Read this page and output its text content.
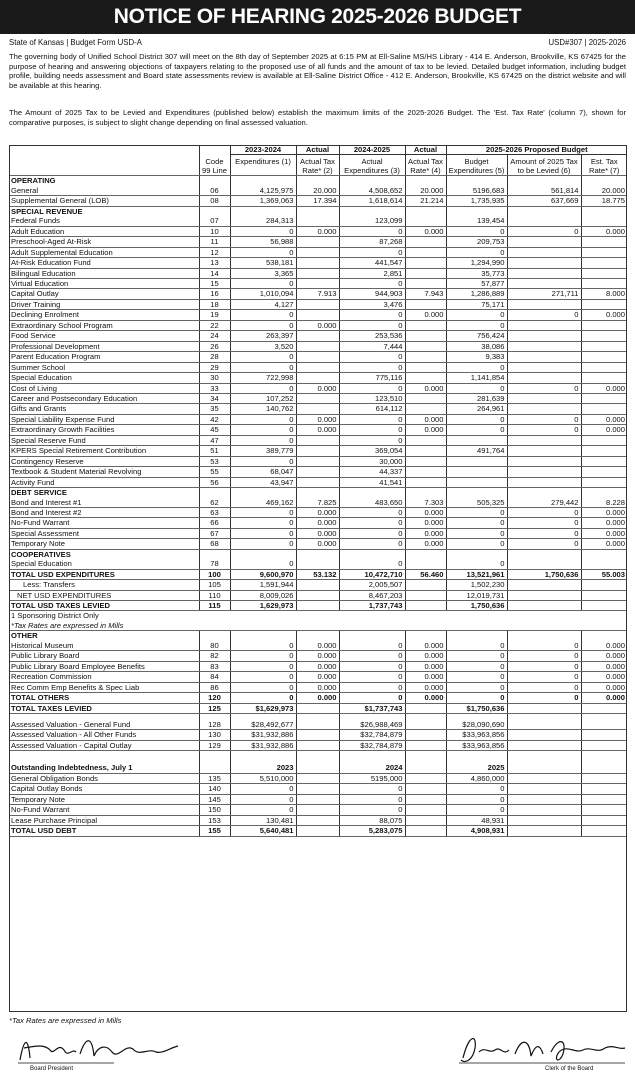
NOTICE OF HEARING 2025-2026 BUDGET
State of Kansas | Budget Form USD-A	USD#307 | 2025-2026
The governing body of Unified School District 307 will meet on the 8th day of September 2025 at 6:15 PM at Ell-Saline MS/HS Library - 414 E. Anderson, Brookville, KS 67425 for the purpose of hearing and answering objections of taxpayers relating to the proposed use of all funds and the amount of tax to be levied. Detailed budget information, including budget profile, building needs assessment and Board state assessments review is available at Ell-Saline District Office - 412 E. Anderson, Brookville, KS 67425 on the district website and will be available at this hearing.
The Amount of 2025 Tax to be Levied and Expenditures (published below) establish the maximum limits of the 2025-2026 Budget. The 'Est. Tax Rate' (column 7), shown for comparative purposes, is subject to slight change depending on final assessed valuation.
		2023-2024	Actual	2024-2025	Actual	2025-2026 Proposed Budget		
	Code 99 Line	Expenditures (1)	Actual Tax Rate* (2)	Actual Expenditures (3)	Actual Tax Rate* (4)	Budget Expenditures (5)	Amount of 2025 Tax to be Levied (6)	Est. Tax Rate* (7)
OPERATING								
General	06	4,125,975	20.000	4,508,652	20.000	5196,683	561,814	20.000
Supplemental General (LOB)	08	1,369,063	17.394	1,618,614	21.214	1,735,935	637,669	18.775
SPECIAL REVENUE								
Federal Funds	07	284,313		123,099		139,454		
Adult Education	10	0	0.000	0	0.000	0	0	0.000
Preschool-Aged At-Risk	11	56,988		87,268		209,753		
Adult Supplemental Education	12	0		0		0		
At-Risk Education Fund	13	538,181		441,547		1,294,990		
Bilingual Education	14	3,365		2,851		35,773		
Virtual Education	15	0		0		57,877		
Capital Outlay	16	1,010,094	7.913	944,903	7.943	1,286,889	271,711	8.000
Driver Training	18	4,127		3,476		75,171		
Declining Enrolment	19	0		0	0.000	0	0	0.000
Extraordinary School Program	22	0	0.000	0		0		
Food Service	24	263,397		253,536		756,424		
Professional Development	26	3,520		7,444		38,086		
Parent Education Program	28	0		0		9,383		
Summer School	29	0		0		0		
Special Education	30	722,998		775,116		1,141,854		
Cost of Living	33	0	0.000	0	0.000	0	0	0.000
Career and Postsecondary Education	34	107,252		123,510		281,639		
Gifts and Grants	35	140,762		614,112		264,961		
Special Liability Expense Fund	42	0	0.000	0	0.000	0	0	0.000
Extraordinary Growth Facilities	45	0	0.000	0	0.000	0	0	0.000
Special Reserve Fund	47	0		0				
KPERS Special Retirement Contribution	51	389,779		369,054		491,764		
Contingency Reserve	53	0		30,000				
Textbook & Student Material Revolving	55	68,047		44,337				
Activity Fund	56	43,947		41,541				
DEBT SERVICE								
Bond and Interest #1	62	469,162	7.825	483,650	7.303	505,325	279,442	8.228
Bond and Interest #2	63	0	0.000	0	0.000	0	0	0.000
No-Fund Warrant	66	0	0.000	0	0.000	0	0	0.000
Special Assessment	67	0	0.000	0	0.000	0	0	0.000
Temporary Note	68	0	0.000	0	0.000	0	0	0.000
COOPERATIVES								
Special Education	78	0		0		0		
TOTAL USD EXPENDITURES	100	9,600,970	53.132	10,472,710	56.460	13,521,961	1,750,636	55.003
Less: Transfers	105	1,591,944		2,005,507		1,502,230		
NET USD EXPENDITURES	110	8,009,026		8,467,203		12,019,731		
TOTAL USD TAXES LEVIED	115	1,629,973		1,737,743		1,750,636		
1 Sponsoring District Only								
*Tax Rates are expressed in Mills								
OTHER								
Historical Museum	80	0	0.000	0	0.000	0	0	0.000
Public Library Board	82	0	0.000	0	0.000	0	0	0.000
Public Library Board Employee Benefits	83	0	0.000	0	0.000	0	0	0.000
Recreation Commission	84	0	0.000	0	0.000	0	0	0.000
Rec Comm Emp Benefits & Spec Liab	86	0	0.000	0	0.000	0	0	0.000
TOTAL OTHERS	120	0	0.000	0	0.000	0	0	0.000
TOTAL TAXES LEVIED	125	$1,629,973		$1,737,743		$1,750,636		

Assessed Valuation - General Fund	128	$28,492,677		$26,988,469		$28,090,690		
Assessed Valuation - All Other Funds	130	$31,932,886		$32,784,879		$33,963,856		
Assessed Valuation - Capital Outlay	129	$31,932,886		$32,784,879		$33,963,856		

Outstanding Indebtedness, July 1		2023		2024		2025		
General Obligation Bonds	135	5,510,000		5195,000		4,860,000		
Capital Outlay Bonds	140	0		0		0		
Temporary Note	145	0		0		0		
No-Fund Warrant	150	0		0		0		
Lease Purchase Principal	153	130,481		88,075		48,931		
TOTAL USD DEBT	155	5,640,481		5,283,075		4,908,931		
*Tax Rates are expressed in Mills
Board President	Clerk of the Board
